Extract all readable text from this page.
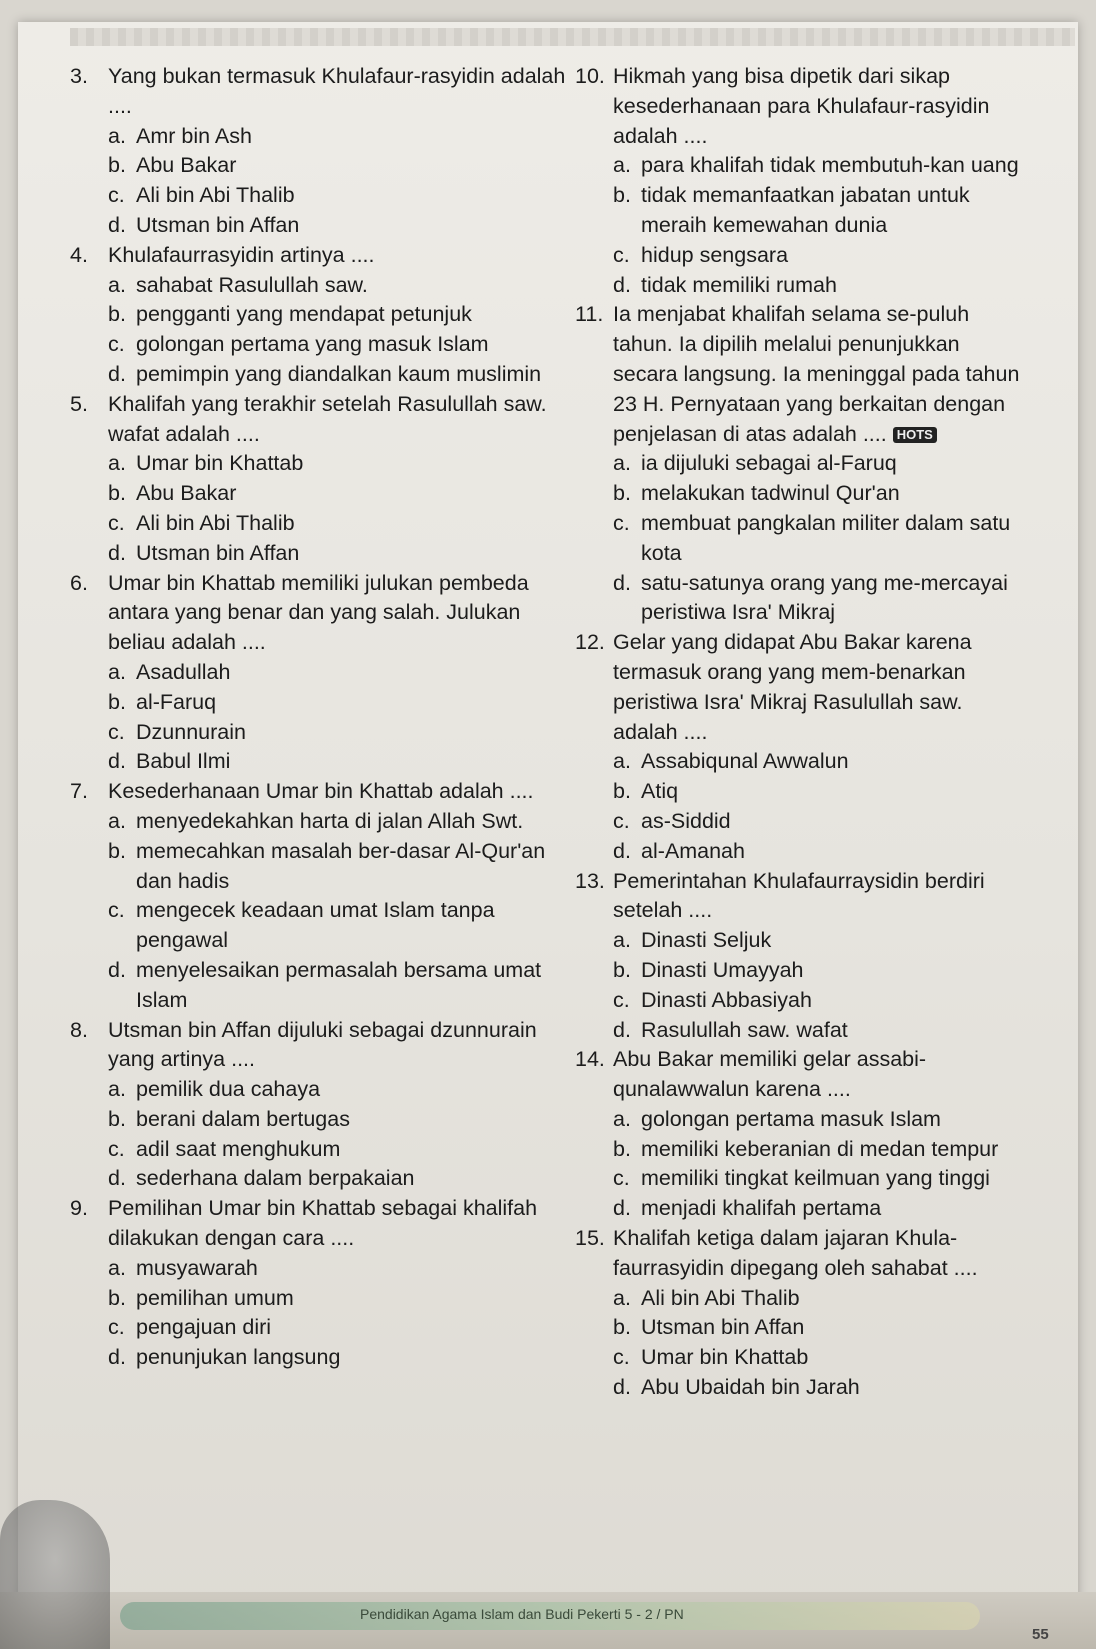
3. Yang bukan termasuk Khulafaur-rasyidin adalah ....
a. Amr bin Ash
b. Abu Bakar
c. Ali bin Abi Thalib
d. Utsman bin Affan
4. Khulafaurrasyidin artinya ....
a. sahabat Rasulullah saw.
b. pengganti yang mendapat petunjuk
c. golongan pertama yang masuk Islam
d. pemimpin yang diandalkan kaum muslimin
5. Khalifah yang terakhir setelah Rasulullah saw. wafat adalah ....
a. Umar bin Khattab
b. Abu Bakar
c. Ali bin Abi Thalib
d. Utsman bin Affan
6. Umar bin Khattab memiliki julukan pembeda antara yang benar dan yang salah. Julukan beliau adalah ....
a. Asadullah
b. al-Faruq
c. Dzunnurain
d. Babul Ilmi
7. Kesederhanaan Umar bin Khattab adalah ....
a. menyedekahkan harta di jalan Allah Swt.
b. memecahkan masalah ber-dasar Al-Qur'an dan hadis
c. mengecek keadaan umat Islam tanpa pengawal
d. menyelesaikan permasalah bersama umat Islam
8. Utsman bin Affan dijuluki sebagai dzunnurain yang artinya ....
a. pemilik dua cahaya
b. berani dalam bertugas
c. adil saat menghukum
d. sederhana dalam berpakaian
9. Pemilihan Umar bin Khattab sebagai khalifah dilakukan dengan cara ....
a. musyawarah
b. pemilihan umum
c. pengajuan diri
d. penunjukan langsung
10. Hikmah yang bisa dipetik dari sikap kesederhanaan para Khulafaur-rasyidin adalah ....
a. para khalifah tidak membutuh-kan uang
b. tidak memanfaatkan jabatan untuk meraih kemewahan dunia
c. hidup sengsara
d. tidak memiliki rumah
11. Ia menjabat khalifah selama se-puluh tahun. Ia dipilih melalui penunjukkan secara langsung. Ia meninggal pada tahun 23 H. Pernyataan yang berkaitan dengan penjelasan di atas adalah .... HOTS
a. ia dijuluki sebagai al-Faruq
b. melakukan tadwinul Qur'an
c. membuat pangkalan militer dalam satu kota
d. satu-satunya orang yang me-mercayai peristiwa Isra' Mikraj
12. Gelar yang didapat Abu Bakar karena termasuk orang yang mem-benarkan peristiwa Isra' Mikraj Rasulullah saw. adalah ....
a. Assabiqunal Awwalun
b. Atiq
c. as-Siddid
d. al-Amanah
13. Pemerintahan Khulafaurraysidin berdiri setelah ....
a. Dinasti Seljuk
b. Dinasti Umayyah
c. Dinasti Abbasiyah
d. Rasulullah saw. wafat
14. Abu Bakar memiliki gelar assabi-qunalawwalun karena ....
a. golongan pertama masuk Islam
b. memiliki keberanian di medan tempur
c. memiliki tingkat keilmuan yang tinggi
d. menjadi khalifah pertama
15. Khalifah ketiga dalam jajaran Khula-faurrasyidin dipegang oleh sahabat ....
a. Ali bin Abi Thalib
b. Utsman bin Affan
c. Umar bin Khattab
d. Abu Ubaidah bin Jarah
Pendidikan Agama Islam dan Budi Pekerti 5 - 2 / PN
55
